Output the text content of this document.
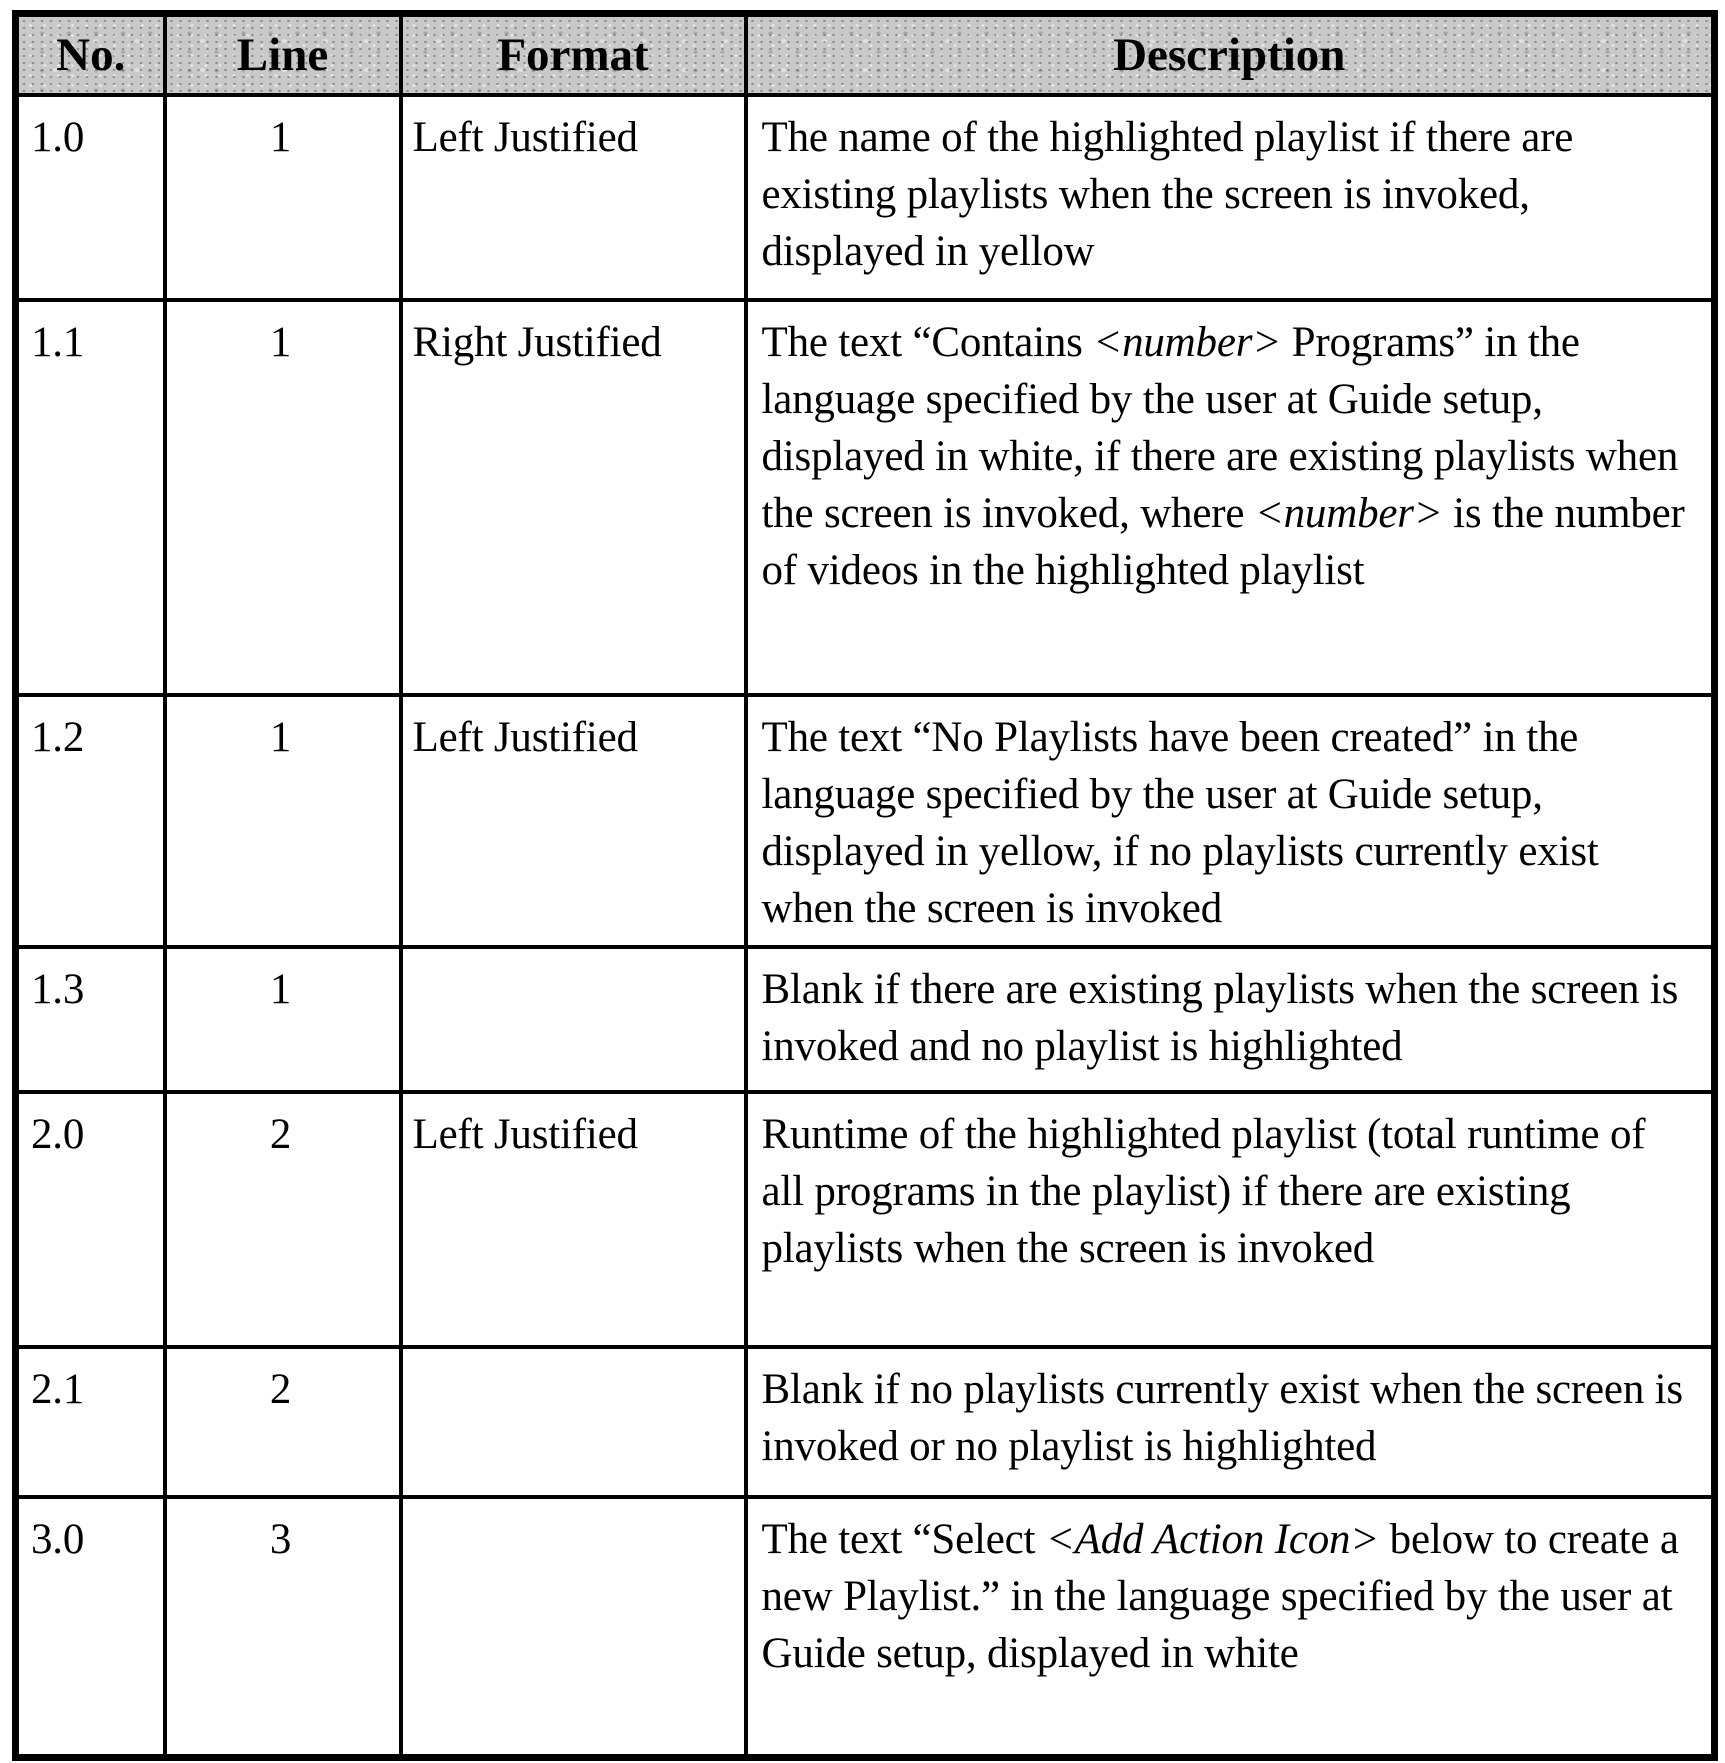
No.	Line	Format	Description
1.0	1	Left Justified	The name of the highlighted playlist if there are existing playlists when the screen is invoked, displayed in yellow
1.1	1	Right Justified	The text “Contains <number> Programs” in the language specified by the user at Guide setup, displayed in white, if there are existing playlists when the screen is invoked, where <number> is the number of videos in the highlighted playlist
1.2	1	Left Justified	The text “No Playlists have been created” in the language specified by the user at Guide setup, displayed in yellow, if no playlists currently exist when the screen is invoked
1.3	1		Blank if there are existing playlists when the screen is invoked and no playlist is highlighted
2.0	2	Left Justified	Runtime of the highlighted playlist (total runtime of all programs in the playlist) if there are existing playlists when the screen is invoked
2.1	2		Blank if no playlists currently exist when the screen is invoked or no playlist is highlighted
3.0	3		The text “Select <Add Action Icon> below to create a new Playlist.” in the language specified by the user at Guide setup, displayed in white
